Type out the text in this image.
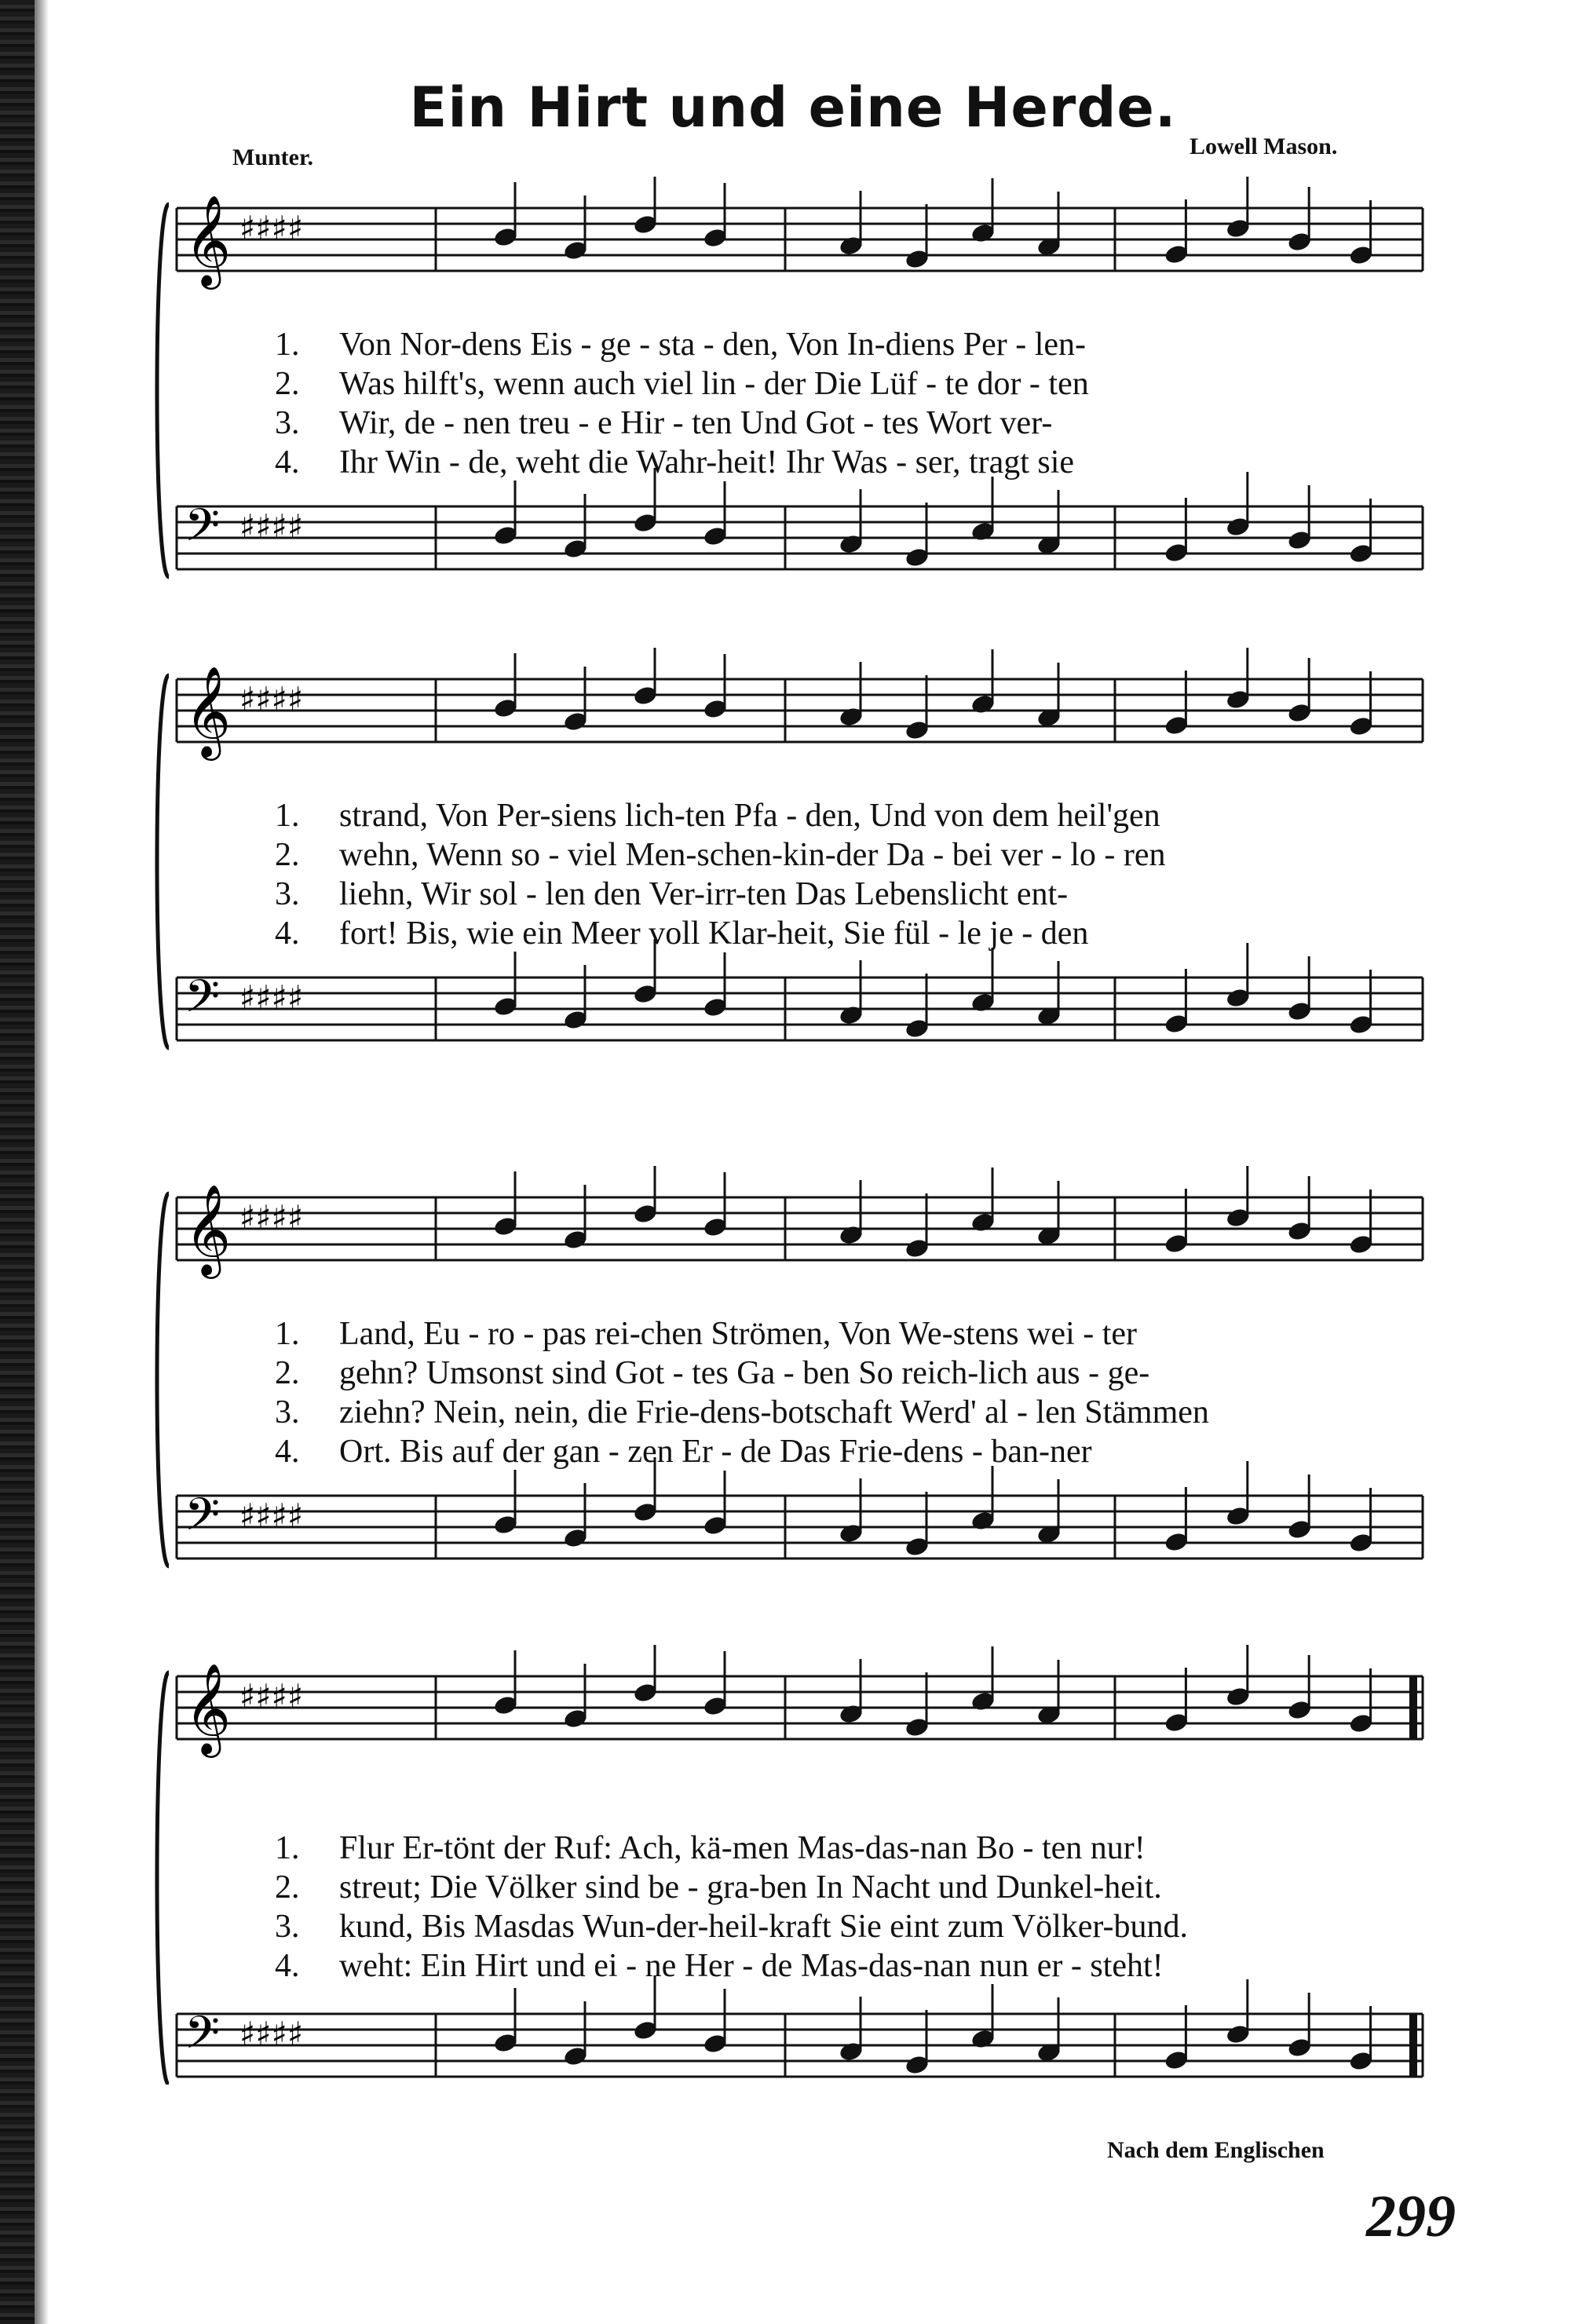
Ein Hirt und eine Herde.
Munter.	Lowell Mason.
𝄞 ♯♯♯♯
𝄢 ♯♯♯♯
1. Von Nor-dens Eis - ge - sta - den, Von In-diens Per - len-
2. Was hilft's, wenn auch viel lin - der Die Lüf - te dor - ten
3. Wir, de - nen treu - e Hir - ten Und Got - tes Wort ver-
4. Ihr Win - de, weht die Wahr-heit! Ihr Was - ser, tragt sie
𝄞 ♯♯♯♯
𝄢 ♯♯♯♯
1. strand, Von Per-siens lich-ten Pfa - den, Und von dem heil'gen
2. wehn, Wenn so - viel Men-schen-kin-der Da - bei ver - lo - ren
3. liehn, Wir sol - len den Ver-irr-ten Das Lebenslicht ent-
4. fort! Bis, wie ein Meer voll Klar-heit, Sie fül - le je - den
𝄞 ♯♯♯♯
𝄢 ♯♯♯♯
1. Land, Eu - ro - pas rei-chen Strömen, Von We-stens wei - ter
2. gehn? Umsonst sind Got - tes Ga - ben So reich-lich aus - ge-
3. ziehn? Nein, nein, die Frie-dens-botschaft Werd' al - len Stämmen
4. Ort. Bis auf der gan - zen Er - de Das Frie-dens - ban-ner
𝄞 ♯♯♯♯
𝄢 ♯♯♯♯
1. Flur Er-tönt der Ruf: Ach, kä-men Mas-das-nan Bo - ten nur!
2. streut; Die Völker sind be - gra-ben In Nacht und Dunkel-heit.
3. kund, Bis Masdas Wun-der-heil-kraft Sie eint zum Völker-bund.
4. weht: Ein Hirt und ei - ne Her - de Mas-das-nan nun er - steht!
Nach dem Englischen
299
